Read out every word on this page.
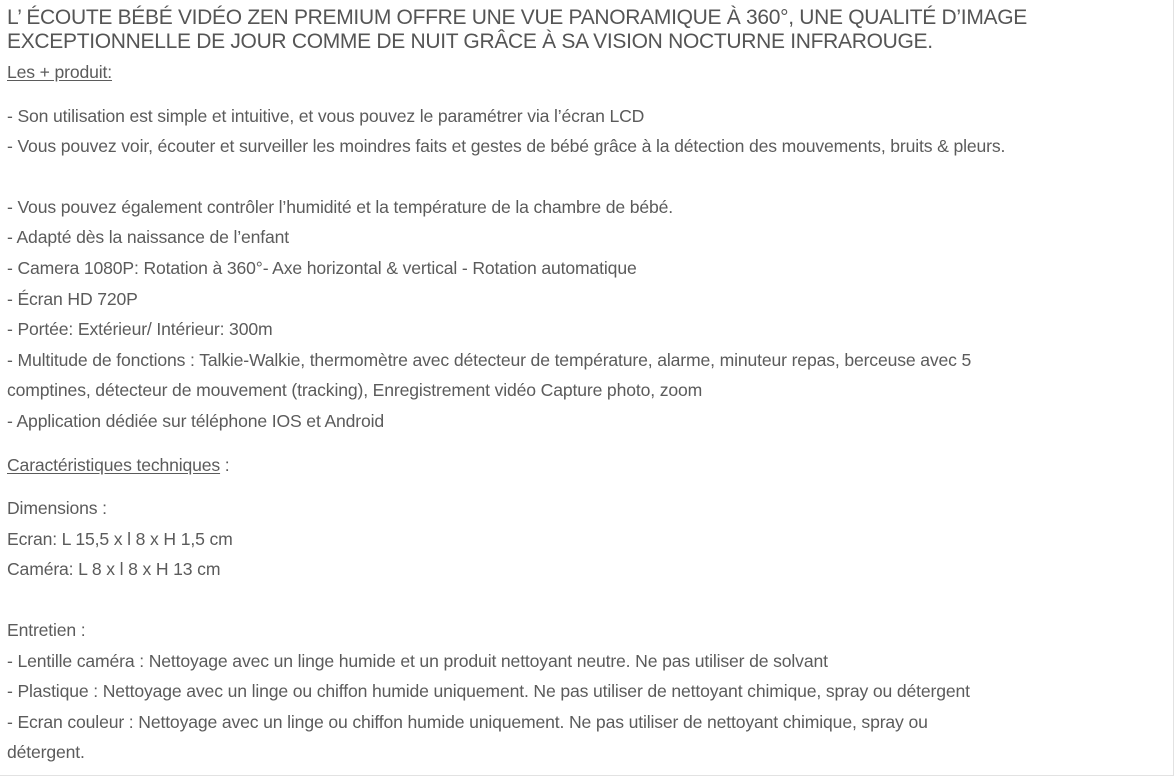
L’ ÉCOUTE BÉBÉ VIDÉO ZEN PREMIUM OFFRE UNE VUE PANORAMIQUE À 360°, UNE QUALITÉ D’IMAGE
EXCEPTIONNELLE DE JOUR COMME DE NUIT GRÂCE À SA VISION NOCTURNE INFRAROUGE.

Les + produit:

- Son utilisation est simple et intuitive, et vous pouvez le paramétrer via l’écran LCD

- Vous pouvez voir, écouter et surveiller les moindres faits et gestes de bébé grâce à la détection des mouvements, bruits & pleurs.

- Vous pouvez également contrôler l’humidité et la température de la chambre de bébé.

- Adapté dès la naissance de l’enfant

- Camera 1080P: Rotation à 360°- Axe horizontal & vertical - Rotation automatique

- Écran HD 720P

- Portée: Extérieur/ Intérieur: 300m

- Multitude de fonctions : Talkie-Walkie, thermomètre avec détecteur de température, alarme, minuteur repas, berceuse avec 5

comptines, détecteur de mouvement (tracking), Enregistrement vidéo Capture photo, zoom

- Application dédiée sur téléphone IOS et Android

Caractéristiques techniques :

Dimensions :

Ecran: L 15,5 x l 8 x H 1,5 cm

Caméra: L 8 x l 8 x H 13 cm

Entretien :

- Lentille caméra : Nettoyage avec un linge humide et un produit nettoyant neutre. Ne pas utiliser de solvant

- Plastique : Nettoyage avec un linge ou chiffon humide uniquement. Ne pas utiliser de nettoyant chimique, spray ou détergent

- Ecran couleur : Nettoyage avec un linge ou chiffon humide uniquement. Ne pas utiliser de nettoyant chimique, spray ou

détergent.
